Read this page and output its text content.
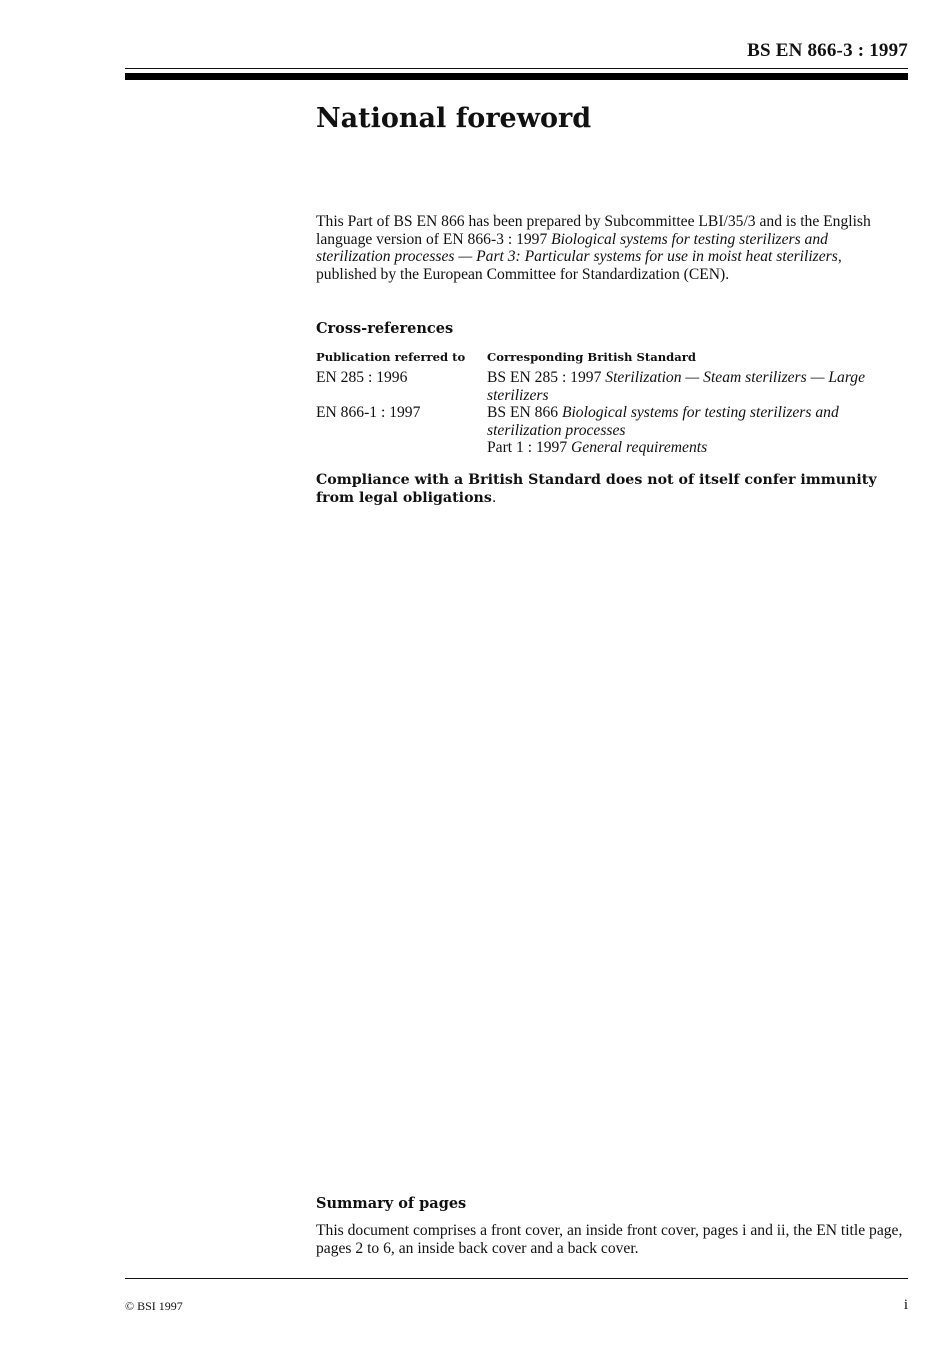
BS EN 866-3 : 1997
National foreword

This Part of BS EN 866 has been prepared by Subcommittee LBI/35/3 and is the English language version of EN 866-3 : 1997 Biological systems for testing sterilizers and sterilization processes — Part 3: Particular systems for use in moist heat sterilizers, published by the European Committee for Standardization (CEN).

Cross-references
Publication referred to	Corresponding British Standard
EN 285 : 1996	BS EN 285 : 1997 Sterilization — Steam sterilizers — Large sterilizers
EN 866-1 : 1997	BS EN 866 Biological systems for testing sterilizers and sterilization processes
Part 1 : 1997 General requirements

Compliance with a British Standard does not of itself confer immunity from legal obligations.

Summary of pages

This document comprises a front cover, an inside front cover, pages i and ii, the EN title page, pages 2 to 6, an inside back cover and a back cover.

© BSI 1997	i
